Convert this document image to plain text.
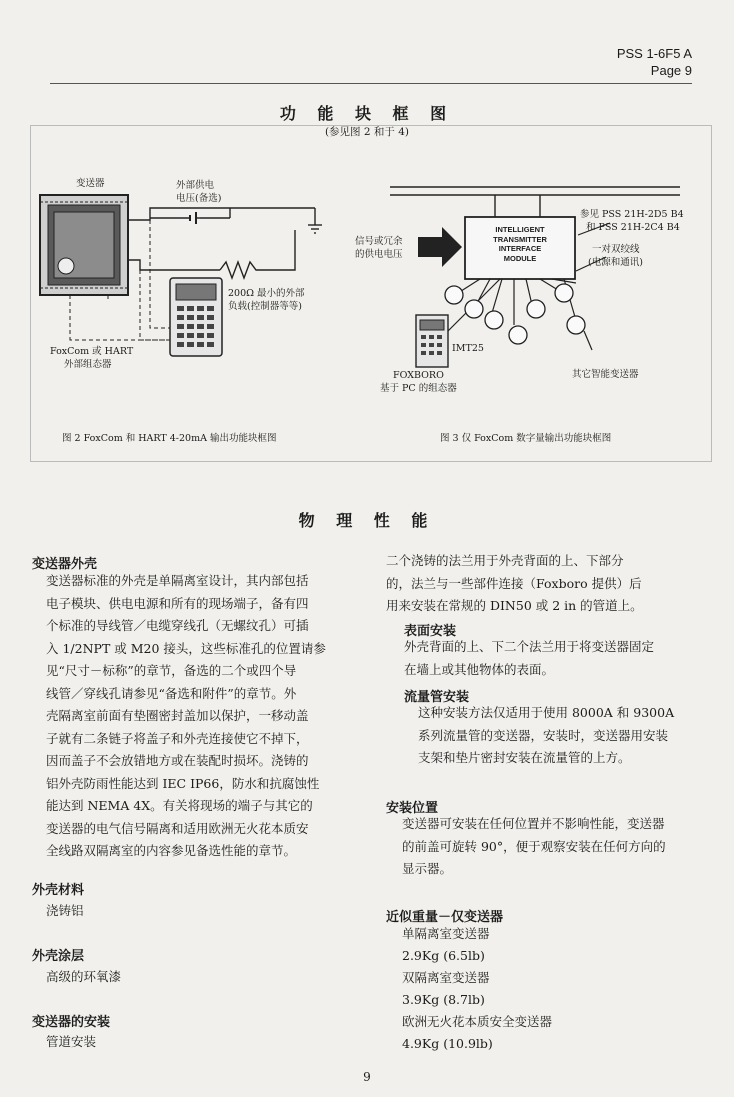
PSS 1-6F5 A
Page 9
功 能 块 框 图
(参见图 2 和于 4)
变送器	外部供电
电压(备选)
200Ω 最小的外部
负载(控制器等等)
FoxCom 或 HART
外部组态器
图 2 FoxCom 和 HART 4-20mA 输出功能块框图
INTELLIGENT
TRANSMITTER
INTERFACE
MODULE
信号或冗余
的供电电压
参见 PSS 21H-2D5 B4
和 PSS 21H-2C4 B4
一对双绞线
(电源和通讯)
IMT25
FOXBORO
基于 PC 的组态器
其它智能变送器
图 3 仅 FoxCom 数字量输出功能块框图
物 理 性 能
变送器外壳
变送器标准的外壳是单隔离室设计，其内部包括
电子模块、供电电源和所有的现场端子，备有四
个标准的导线管／电缆穿线孔（无螺纹孔）可插
入 1/2NPT 或 M20 接头，这些标准孔的位置请参
见“尺寸－标称”的章节，备选的二个或四个导
线管／穿线孔请参见“备选和附件”的章节。外
壳隔离室前面有垫圈密封盖加以保护，一移动盖
子就有二条链子将盖子和外壳连接使它不掉下，
因而盖子不会放错地方或在装配时损坏。浇铸的
铝外壳防雨性能达到 IEC IP66，防水和抗腐蚀性
能达到 NEMA 4X。有关将现场的端子与其它的
变送器的电气信号隔离和适用欧洲无火花本质安
全线路双隔离室的内容参见备选性能的章节。
外壳材料
浇铸铝
外壳涂层
高级的环氧漆
变送器的安装
管道安装
二个浇铸的法兰用于外壳背面的上、下部分
的，法兰与一些部件连接（Foxboro 提供）后
用来安装在常规的 DIN50 或 2 in 的管道上。
表面安装
外壳背面的上、下二个法兰用于将变送器固定
在墙上或其他物体的表面。
流量管安装
这种安装方法仅适用于使用 8000A 和 9300A
系列流量管的变送器，安装时，变送器用安装
支架和垫片密封安装在流量管的上方。
安装位置
变送器可安装在任何位置并不影响性能，变送器
的前盖可旋转 90°，便于观察安装在任何方向的
显示器。
近似重量－仅变送器
单隔离室变送器
2.9Kg (6.5lb)
双隔离室变送器
3.9Kg (8.7lb)
欧洲无火花本质安全变送器
4.9Kg (10.9lb)
9
